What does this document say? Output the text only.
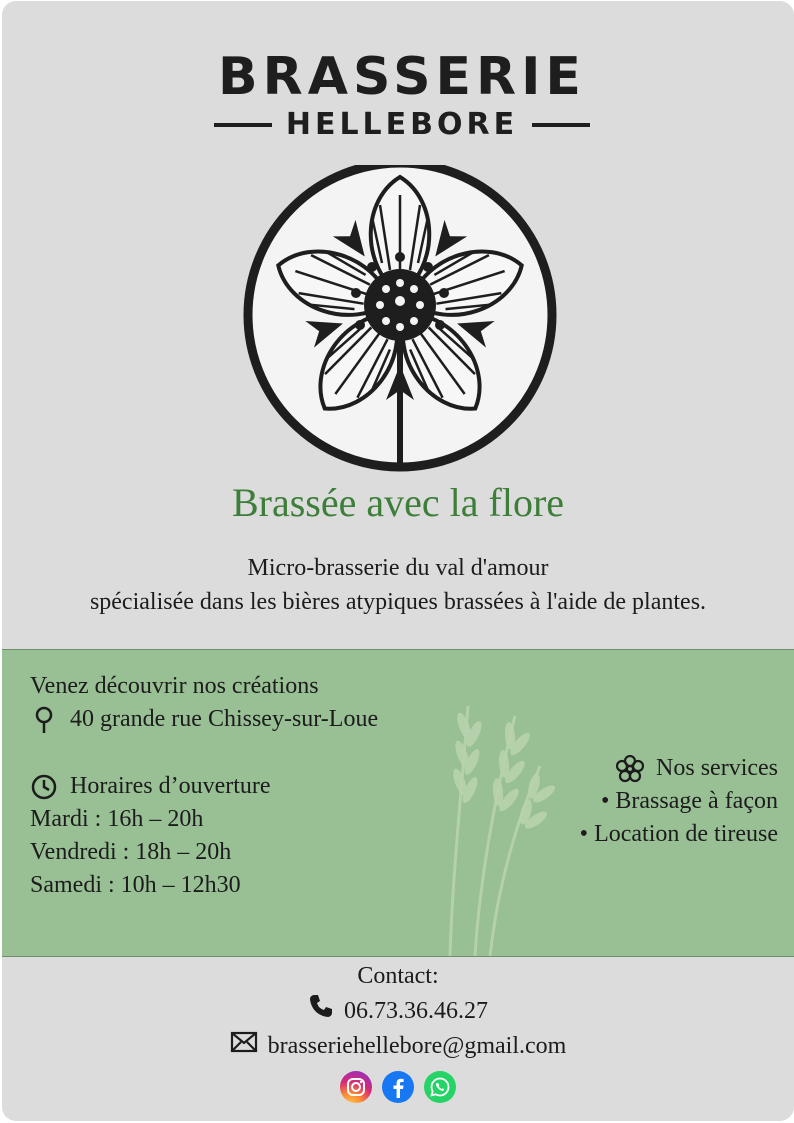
BRASSERIE
HELLEBORE
Brassée avec la flore
Micro-brasserie du val d'amour
spécialisée dans les bières atypiques brassées à l'aide de plantes.
Venez découvrir nos créations
40 grande rue Chissey-sur-Loue
Horaires d’ouverture
Mardi : 16h – 20h
Vendredi : 18h – 20h
Samedi : 10h – 12h30
Nos services
• Brassage à façon
• Location de tireuse
Contact:
06.73.36.46.27
brasseriehellebore@gmail.com
